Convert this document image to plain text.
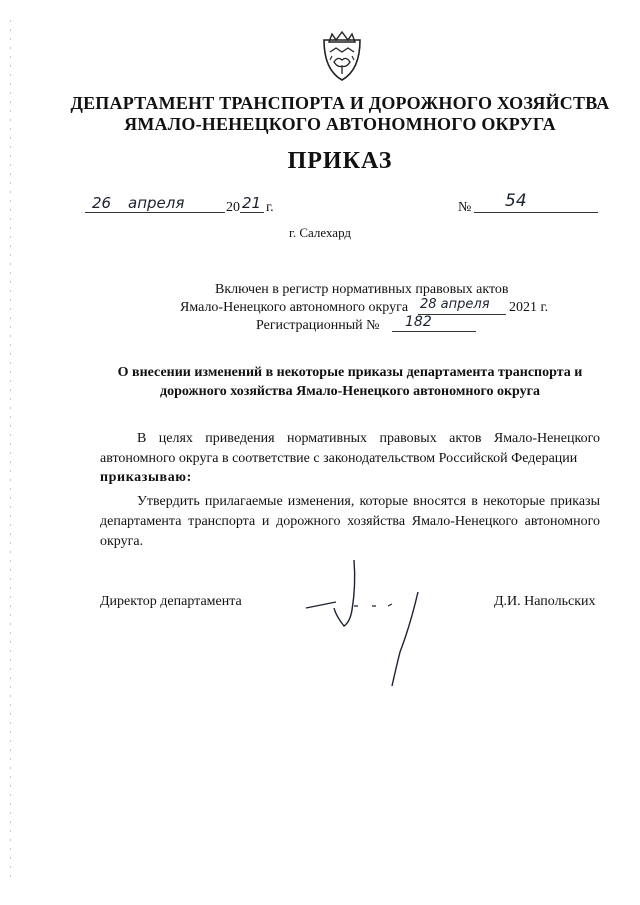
ДЕПАРТАМЕНТ ТРАНСПОРТА И ДОРОЖНОГО ХОЗЯЙСТВА
ЯМАЛО-НЕНЕЦКОГО АВТОНОМНОГО ОКРУГА
ПРИКАЗ
26 апреля	20 21 г.	№ 54
г. Салехард
Включен в регистр нормативных правовых актов
Ямало-Ненецкого автономного округа 28 апреля 2021 г.
Регистрационный № 182
О внесении изменений в некоторые приказы департамента транспорта и дорожного хозяйства Ямало-Ненецкого автономного округа
В целях приведения нормативных правовых актов Ямало-Ненецкого автономного округа в соответствие с законодательством Российской Федерации
приказываю:
Утвердить прилагаемые изменения, которые вносятся в некоторые приказы департамента транспорта и дорожного хозяйства Ямало-Ненецкого автономного округа.
Директор департамента	Д.И. Напольских
